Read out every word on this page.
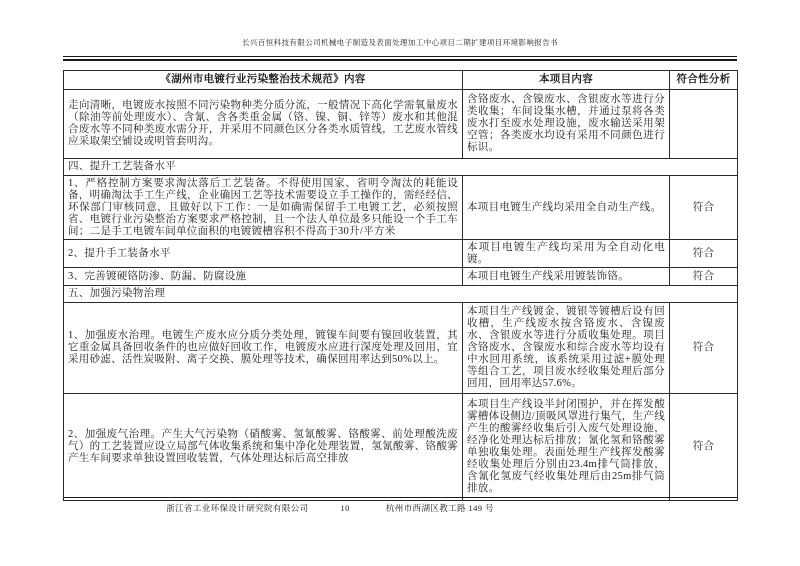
长兴百恒科技有限公司机械电子制造及表面处理加工中心项目二期扩建项目环境影响报告书
《湖州市电镀行业污染整治技术规范》内容	本项目内容	符合性分析
走向清晰，电镀废水按照不同污染物种类分质分流，一般情况下高化学需氧量废水（除油等前处理废水）、含氰、含各类重金属（铬、镍、铜、锌等）废水和其他混合废水等不同种类废水需分开，并采用不同颜色区分各类水质管线，工艺废水管线应采取架空铺设或明管套明沟。	含铬废水、含镍废水、含银废水等进行分类收集；车间设集水槽，并通过泵将各类废水打至废水处理设施，废水输送采用架空管；各类废水均设有采用不同颜色进行标识。	
四、提升工艺装备水平		
1、严格控制方案要求淘汰落后工艺装备。不得使用国家、省明令淘汰的耗能设备，明确淘汰手工生产线，企业确因工艺等技术需要设立手工操作的，需经经信、环保部门审核同意，且做好以下工作：一是如确需保留手工电镀工艺，必须按照省、电镀行业污染整治方案要求严格控制，且一个法人单位最多只能设一个手工车间；二是手工电镀车间单位面积的电镀镀槽容积不得高于30升/平方米	本项目电镀生产线均采用全自动生产线。	符合
2、提升手工装备水平	本项目电镀生产线均采用为全自动化电镀。	符合
3、完善镀硬铬防渗、防漏、防腐设施	本项目电镀生产线采用镀装饰铬。	符合
五、加强污染物治理		
1、加强废水治理。电镀生产废水应分质分类处理，镀镍车间要有镍回收装置，其它重金属具备回收条件的也应做好回收工作，电镀废水应进行深度处理及回用，宜采用砂滤、活性炭吸附、离子交换、膜处理等技术，确保回用率达到50%以上。	本项目生产线镀金、镀银等镀槽后设有回收槽，生产线废水按含铬废水、含镍废水、含银废水等进行分质收集处理。项目含铬废水、含镍废水和综合废水等均设有中水回用系统，该系统采用过滤+膜处理等组合工艺，项目废水经收集处理后部分回用，回用率达57.6%。	符合
2、加强废气治理。产生大气污染物（硝酸雾、氢氰酸雾、铬酸雾、前处理酸洗废气）的工艺装置应设立局部气体收集系统和集中净化处理装置，氢氰酸雾、铬酸雾产生车间要求单独设置回收装置，气体处理达标后高空排放	本项目生产线设半封闭围护，并在挥发酸雾槽体设侧边/顶吸风罩进行集气，生产线产生的酸雾经收集后引入废气处理设施，经净化处理达标后排放；氰化氢和铬酸雾单独收集处理。表面处理生产线挥发酸雾经收集处理后分别由23.4m排气筒排放，含氰化氢废气经收集处理后由25m排气筒排放。	符合
浙江省工业环保设计研究院有限公司	10	杭州市西湖区教工路 149 号
